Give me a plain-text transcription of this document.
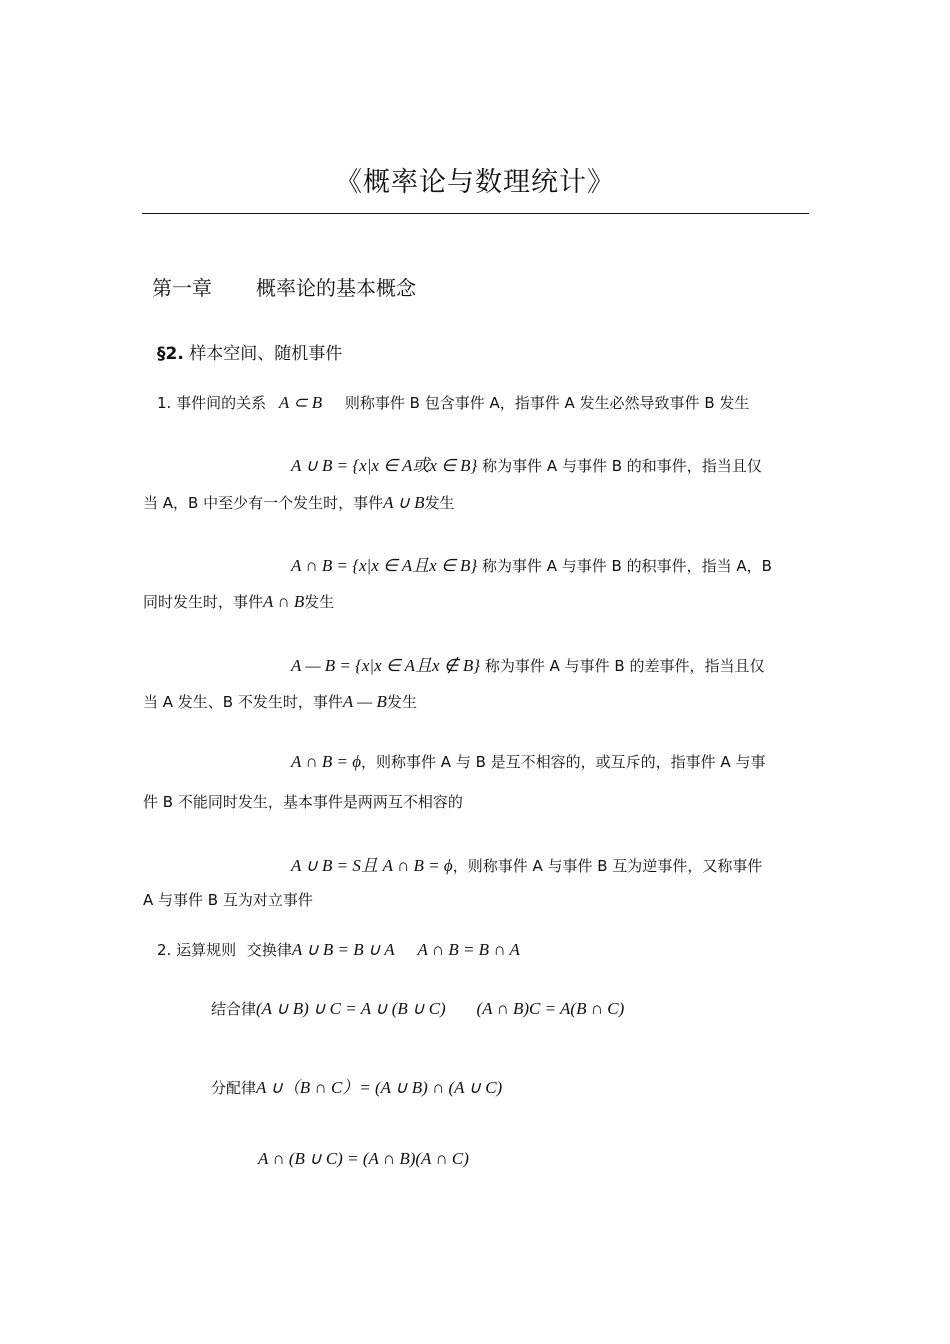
《概率论与数理统计》
第一章 概率论的基本概念
§2. 样本空间、随机事件
1. 事件间的关系 A ⊂ B 则称事件 B 包含事件 A，指事件 A 发生必然导致事件 B 发生
A ∪ B = {x|x ∈ A或x ∈ B} 称为事件 A 与事件 B 的和事件，指当且仅
当 A，B 中至少有一个发生时，事件A ∪ B发生
A ∩ B = {x|x ∈ A且x ∈ B} 称为事件 A 与事件 B 的积事件，指当 A，B
同时发生时，事件A ∩ B发生
A — B = {x|x ∈ A且x ∉ B} 称为事件 A 与事件 B 的差事件，指当且仅
当 A 发生、B 不发生时，事件A — B发生
A ∩ B = ϕ，则称事件 A 与 B 是互不相容的，或互斥的，指事件 A 与事
件 B 不能同时发生，基本事件是两两互不相容的
A ∪ B = S且 A ∩ B = ϕ，则称事件 A 与事件 B 互为逆事件，又称事件
A 与事件 B 互为对立事件
2. 运算规则 交换律A ∪ B = B ∪ A A ∩ B = B ∩ A
结合律(A ∪ B) ∪ C = A ∪ (B ∪ C) (A ∩ B)C = A(B ∩ C)
分配律A ∪（B ∩ C）= (A ∪ B) ∩ (A ∪ C)
A ∩ (B ∪ C) = (A ∩ B)(A ∩ C)
